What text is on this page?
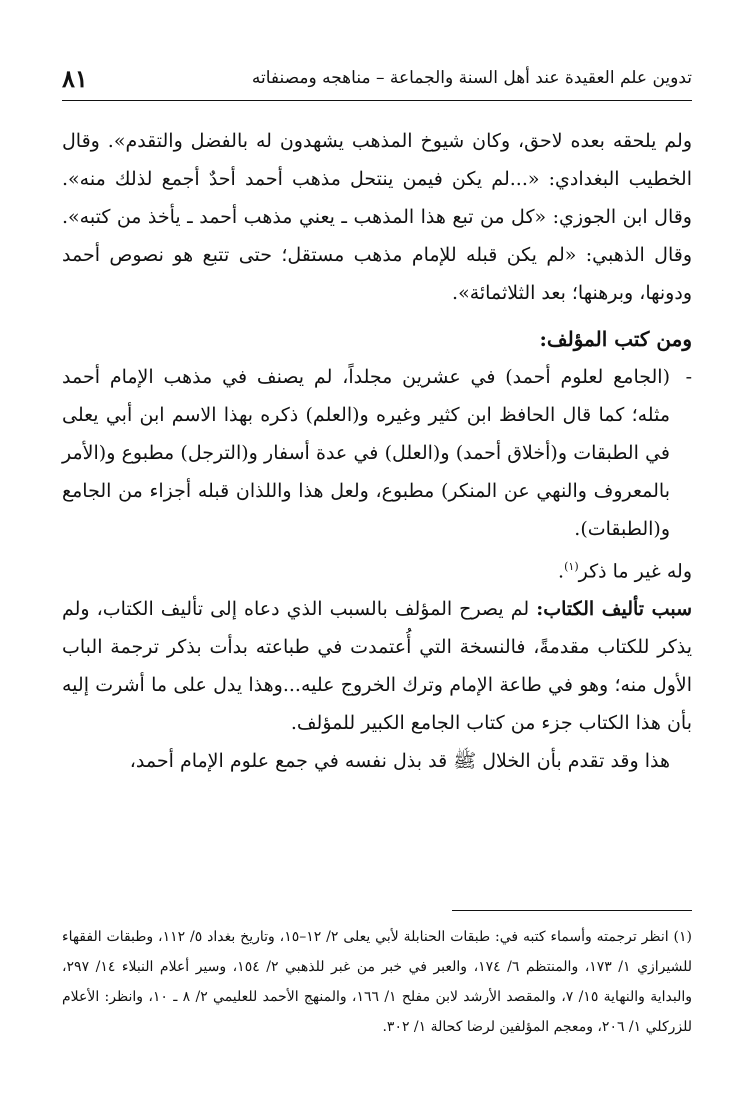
تدوين علم العقيدة عند أهل السنة والجماعة – مناهجه ومصنفاته
٨١

ولم يلحقه بعده لاحق، وكان شيوخ المذهب يشهدون له بالفضل والتقدم». وقال الخطيب البغدادي: «...لم يكن فيمن ينتحل مذهب أحمد أحدٌ أجمع لذلك منه». وقال ابن الجوزي: «كل من تبع هذا المذهب ـ يعني مذهب أحمد ـ يأخذ من كتبه». وقال الذهبي: «لم يكن قبله للإمام مذهب مستقل؛ حتى تتبع هو نصوص أحمد ودونها، وبرهنها؛ بعد الثلاثمائة».

ومن كتب المؤلف:

-
(الجامع لعلوم أحمد) في عشرين مجلداً، لم يصنف في مذهب الإمام أحمد مثله؛ كما قال الحافظ ابن كثير وغيره و(العلم) ذكره بهذا الاسم ابن أبي يعلى في الطبقات و(أخلاق أحمد) و(العلل) في عدة أسفار و(الترجل) مطبوع و(الأمر بالمعروف والنهي عن المنكر) مطبوع، ولعل هذا واللذان قبله أجزاء من الجامع و(الطبقات).

وله غير ما ذكر$^{(١)}$.

سبب تأليف الكتاب: لم يصرح المؤلف بالسبب الذي دعاه إلى تأليف الكتاب، ولم يذكر للكتاب مقدمةً، فالنسخة التي أُعتمدت في طباعته بدأت بذكر ترجمة الباب الأول منه؛ وهو في طاعة الإمام وترك الخروج عليه...وهذا يدل على ما أشرت إليه بأن هذا الكتاب جزء من كتاب الجامع الكبير للمؤلف.

هذا وقد تقدم بأن الخلال ﷺ قد بذل نفسه في جمع علوم الإمام أحمد،

(١) انظر ترجمته وأسماء كتبه في: طبقات الحنابلة لأبي يعلى ٢/ ١٢–١٥، وتاريخ بغداد ٥/ ١١٢، وطبقات الفقهاء للشيرازي ١/ ١٧٣، والمنتظم ٦/ ١٧٤، والعبر في خبر من غبر للذهبي ٢/ ١٥٤، وسير أعلام النبلاء ١٤/ ٢٩٧، والبداية والنهاية ١٥/ ٧، والمقصد الأرشد لابن مفلح ١/ ١٦٦، والمنهج الأحمد للعليمي ٢/ ٨ ـ ١٠، وانظر: الأعلام للزركلي ١/ ٢٠٦، ومعجم المؤلفين لرضا كحالة ١/ ٣٠٢.
